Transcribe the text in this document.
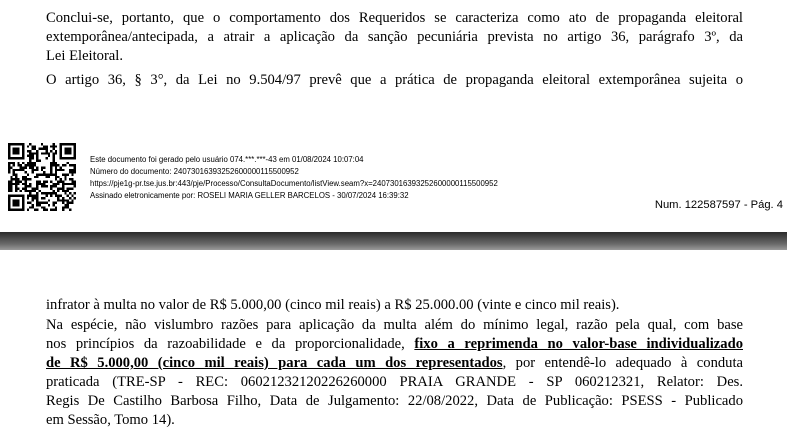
Conclui-se, portanto, que o comportamento dos Requeridos se caracteriza como ato de propaganda eleitoral
extemporânea/antecipada, a atrair a aplicação da sanção pecuniária prevista no artigo 36, parágrafo 3º, da
Lei Eleitoral.
O artigo 36, § 3°, da Lei no 9.504/97 prevê que a prática de propaganda eleitoral extemporânea sujeita o
Este documento foi gerado pelo usuário 074.***.***-43 em 01/08/2024 10:07:04
Número do documento: 24073016393252600000115500952
https://pje1g-pr.tse.jus.br:443/pje/Processo/ConsultaDocumento/listView.seam?x=24073016393252600000115500952
Assinado eletronicamente por: ROSELI MARIA GELLER BARCELOS - 30/07/2024 16:39:32
Num. 122587597 - Pág. 4
infrator à multa no valor de R$ 5.000,00 (cinco mil reais) a R$ 25.000.00 (vinte e cinco mil reais).
Na espécie, não vislumbro razões para aplicação da multa além do mínimo legal, razão pela qual, com base
nos princípios da razoabilidade e da proporcionalidade, fixo a reprimenda no valor-base individualizado
de R$ 5.000,00 (cinco mil reais) para cada um dos representados, por entendê-lo adequado à conduta
praticada (TRE-SP - REC: 06021232120226260000 PRAIA GRANDE - SP 060212321, Relator: Des.
Regis De Castilho Barbosa Filho, Data de Julgamento: 22/08/2022, Data de Publicação: PSESS - Publicado
em Sessão, Tomo 14).
